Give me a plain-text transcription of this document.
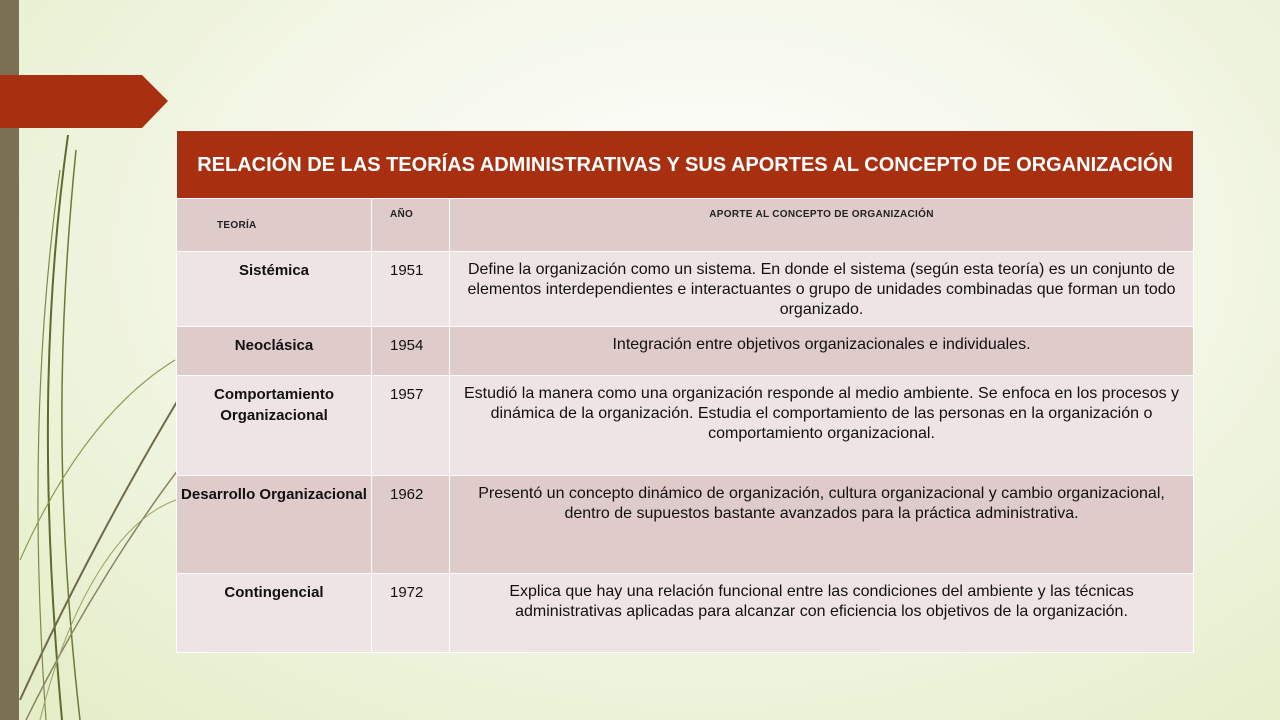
RELACIÓN DE LAS TEORÍAS ADMINISTRATIVAS Y SUS APORTES AL CONCEPTO DE ORGANIZACIÓN		
TEORÍA	AÑO	APORTE AL CONCEPTO DE ORGANIZACIÓN
Sistémica	1951	Define la organización como un sistema. En donde el sistema (según esta teoría) es un conjunto de elementos interdependientes e interactuantes o grupo de unidades combinadas que forman un todo organizado.
Neoclásica	1954	Integración entre objetivos organizacionales e individuales.
Comportamiento Organizacional	1957	Estudió la manera como una organización responde al medio ambiente. Se enfoca en los procesos y dinámica de la organización. Estudia el comportamiento de las personas en la organización o comportamiento organizacional.
Desarrollo Organizacional	1962	Presentó un concepto dinámico de organización, cultura organizacional y cambio organizacional, dentro de supuestos bastante avanzados para la práctica administrativa.
Contingencial	1972	Explica que hay una relación funcional entre las condiciones del ambiente y las técnicas administrativas aplicadas para alcanzar con eficiencia los objetivos de la organización.
